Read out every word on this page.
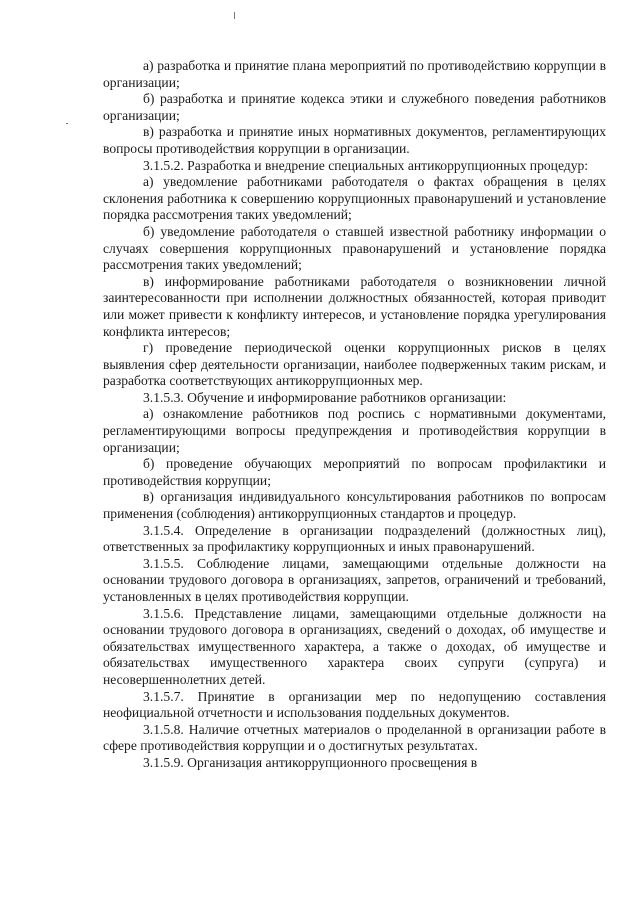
а) разработка и принятие плана мероприятий по противодействию коррупции в организации;

б) разработка и принятие кодекса этики и служебного поведения работников организации;

в) разработка и принятие иных нормативных документов, регламентирующих вопросы противодействия коррупции в организации.

3.1.5.2. Разработка и внедрение специальных антикоррупционных процедур:

а) уведомление работниками работодателя о фактах обращения в целях склонения работника к совершению коррупционных правонарушений и установление порядка рассмотрения таких уведомлений;

б) уведомление работодателя о ставшей известной работнику информации о случаях совершения коррупционных правонарушений и установление порядка рассмотрения таких уведомлений;

в) информирование работниками работодателя о возникновении личной заинтересованности при исполнении должностных обязанностей, которая приводит или может привести к конфликту интересов, и установление порядка урегулирования конфликта интересов;

г) проведение периодической оценки коррупционных рисков в целях выявления сфер деятельности организации, наиболее подверженных таким рискам, и разработка соответствующих антикоррупционных мер.

3.1.5.3. Обучение и информирование работников организации:

а) ознакомление работников под роспись с нормативными документами, регламентирующими вопросы предупреждения и противодействия коррупции в организации;

б) проведение обучающих мероприятий по вопросам профилактики и противодействия коррупции;

в) организация индивидуального консультирования работников по вопросам применения (соблюдения) антикоррупционных стандартов и процедур.

3.1.5.4. Определение в организации подразделений (должностных лиц), ответственных за профилактику коррупционных и иных правонарушений.

3.1.5.5. Соблюдение лицами, замещающими отдельные должности на основании трудового договора в организациях, запретов, ограничений и требований, установленных в целях противодействия коррупции.

3.1.5.6. Представление лицами, замещающими отдельные должности на основании трудового договора в организациях, сведений о доходах, об имуществе и обязательствах имущественного характера, а также о доходах, об имуществе и обязательствах имущественного характера своих супруги (супруга) и несовершеннолетних детей.

3.1.5.7. Принятие в организации мер по недопущению составления неофициальной отчетности и использования поддельных документов.

3.1.5.8. Наличие отчетных материалов о проделанной в организации работе в сфере противодействия коррупции и о достигнутых результатах.

3.1.5.9. Организация антикоррупционного просвещения в
